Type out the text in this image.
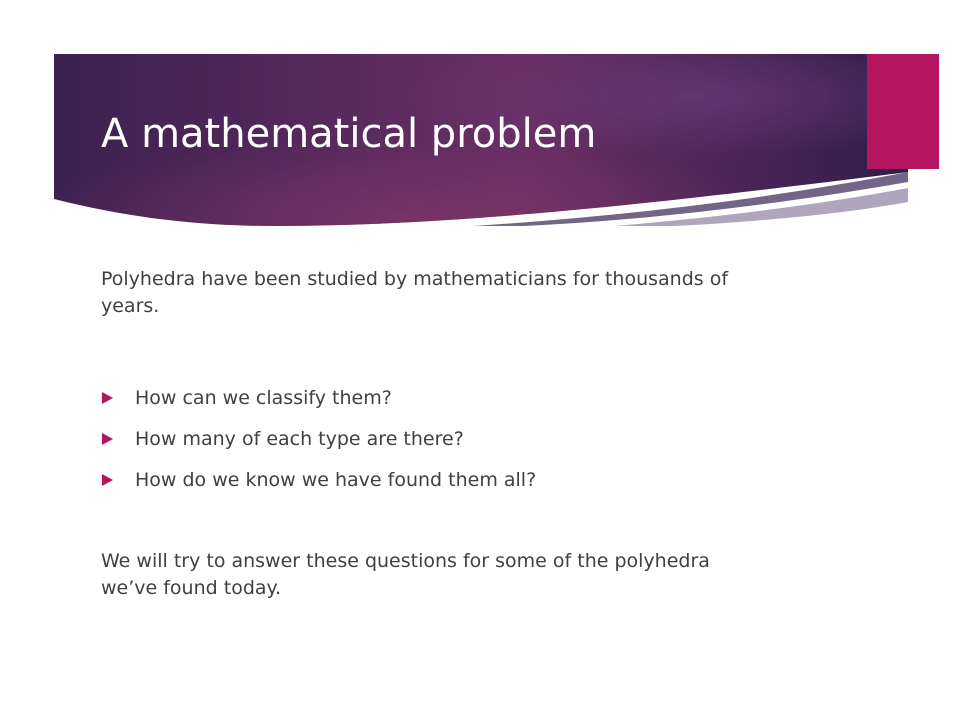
A mathematical problem

Polyhedra have been studied by mathematicians for thousands of years.

How can we classify them?
How many of each type are there?
How do we know we have found them all?

We will try to answer these questions for some of the polyhedra we’ve found today.
